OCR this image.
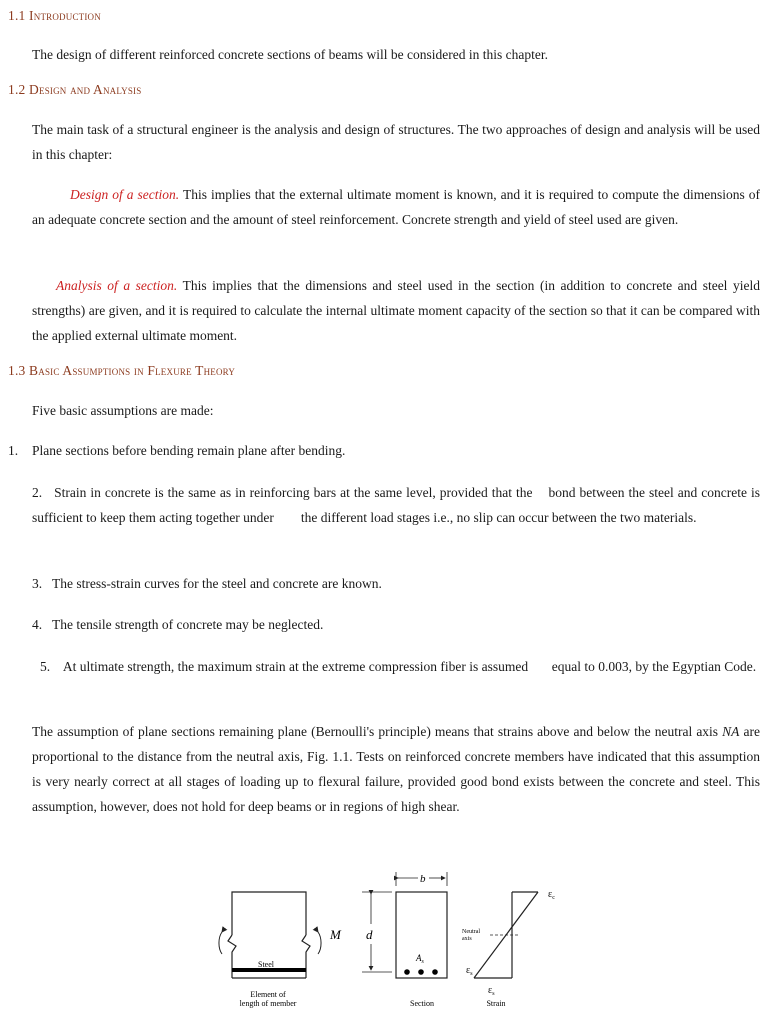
1.1 Introduction

The design of different reinforced concrete sections of beams will be considered in this chapter.

1.2 Design and Analysis

The main task of a structural engineer is the analysis and design of structures. The two approaches of design and analysis will be used in this chapter:

Design of a section. This implies that the external ultimate moment is known, and it is required to compute the dimensions of an adequate concrete section and the amount of steel reinforcement. Concrete strength and yield of steel used are given.

Analysis of a section. This implies that the dimensions and steel used in the section (in addition to concrete and steel yield strengths) are given, and it is required to calculate the internal ultimate moment capacity of the section so that it can be compared with the applied external ultimate moment.

1.3 Basic Assumptions in Flexure Theory

Five basic assumptions are made:

1. Plane sections before bending remain plane after bending.

2.   Strain in concrete is the same as in reinforcing bars at the same level, provided that the    bond between the steel and concrete is sufficient to keep them acting together under        the different load stages i.e., no slip can occur between the two materials.

3.   The stress-strain curves for the steel and concrete are known.

4.   The tensile strength of concrete may be neglected.

5.    At ultimate strength, the maximum strain at the extreme compression fiber is assumed       equal to 0.003, by the Egyptian Code.

The assumption of plane sections remaining plane (Bernoulli's principle) means that strains above and below the neutral axis NA are proportional to the distance from the neutral axis, Fig. 1.1. Tests on reinforced concrete members have indicated that this assumption is very nearly correct at all stages of loading up to flexural failure, provided good bond exists between the concrete and steel. This assumption, however, does not hold for deep beams or in regions of high shear.

M
Steel
Element of
length of member
b
d
$A_s$
Section
Neutral
axis
$\varepsilon_c$
$\varepsilon_s$
$\varepsilon_s$
Strain
